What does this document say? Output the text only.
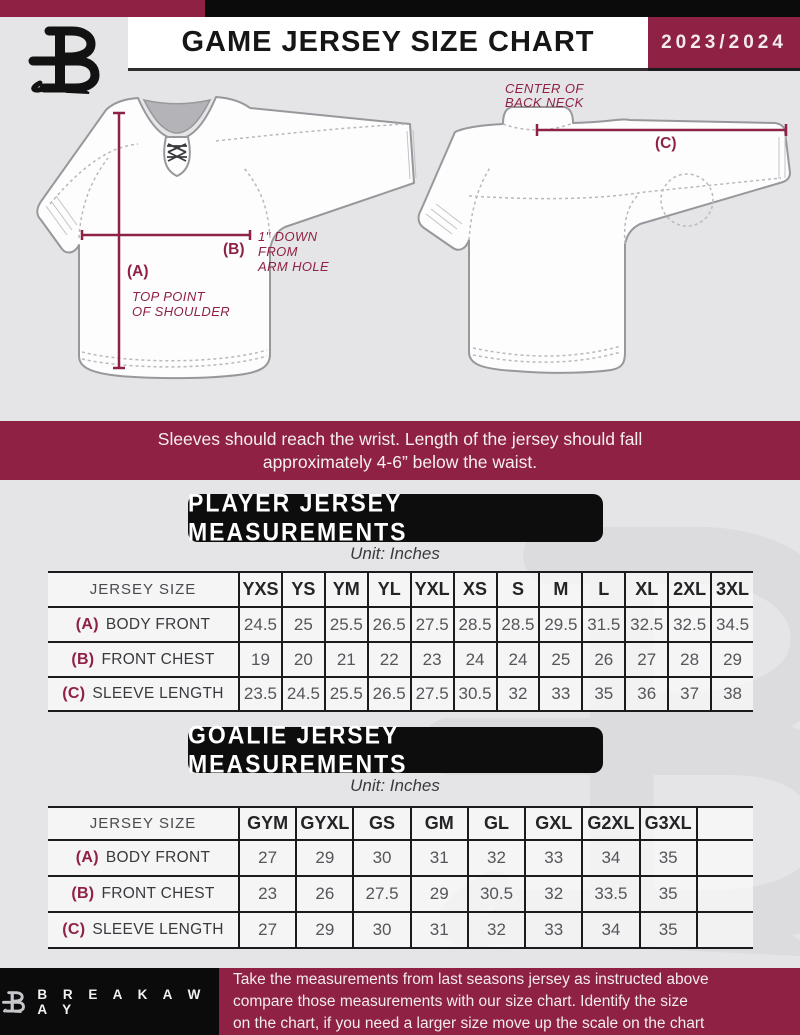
GAME JERSEY SIZE CHART	2023/2024
(B)
(A)
TOP POINT
OF SHOULDER
1" DOWN
FROM
ARM HOLE
(C)
CENTER OF
BACK NECK
Sleeves should reach the wrist. Length of the jersey should fall
approximately 4-6” below the waist.
PLAYER JERSEY MEASUREMENTS
Unit: Inches
JERSEY SIZE	YXS YS YM YL YXL XS	S	M	L	XL 2XL 3XL
(A) BODY FRONT	24.5 25 25.5 26.5 27.5 28.5 28.5 29.5 31.5 32.5 32.5 34.5
(B) FRONT CHEST	19	20	21	22	23	24	24	25	26	27	28	29
(C) SLEEVE LENGTH	23.5 24.5 25.5 26.5 27.5 30.5 32	33	35	36	37	38
GOALIE JERSEY MEASUREMENTS
Unit: Inches
JERSEY SIZE	GYM GYXL	GS	GM	GL	GXL G2XL G3XL
(A) BODY FRONT	27	29	30	31	32	33	34	35
(B) FRONT CHEST	23	26	27.5	29	30.5	32	33.5	35
(C) SLEEVE LENGTH	27	29	30	31	32	33	34	35
B R E A K A W A Y
Take the measurements from last seasons jersey as instructed above
compare those measurements with our size chart. Identify the size
on the chart, if you need a larger size move up the scale on the chart
